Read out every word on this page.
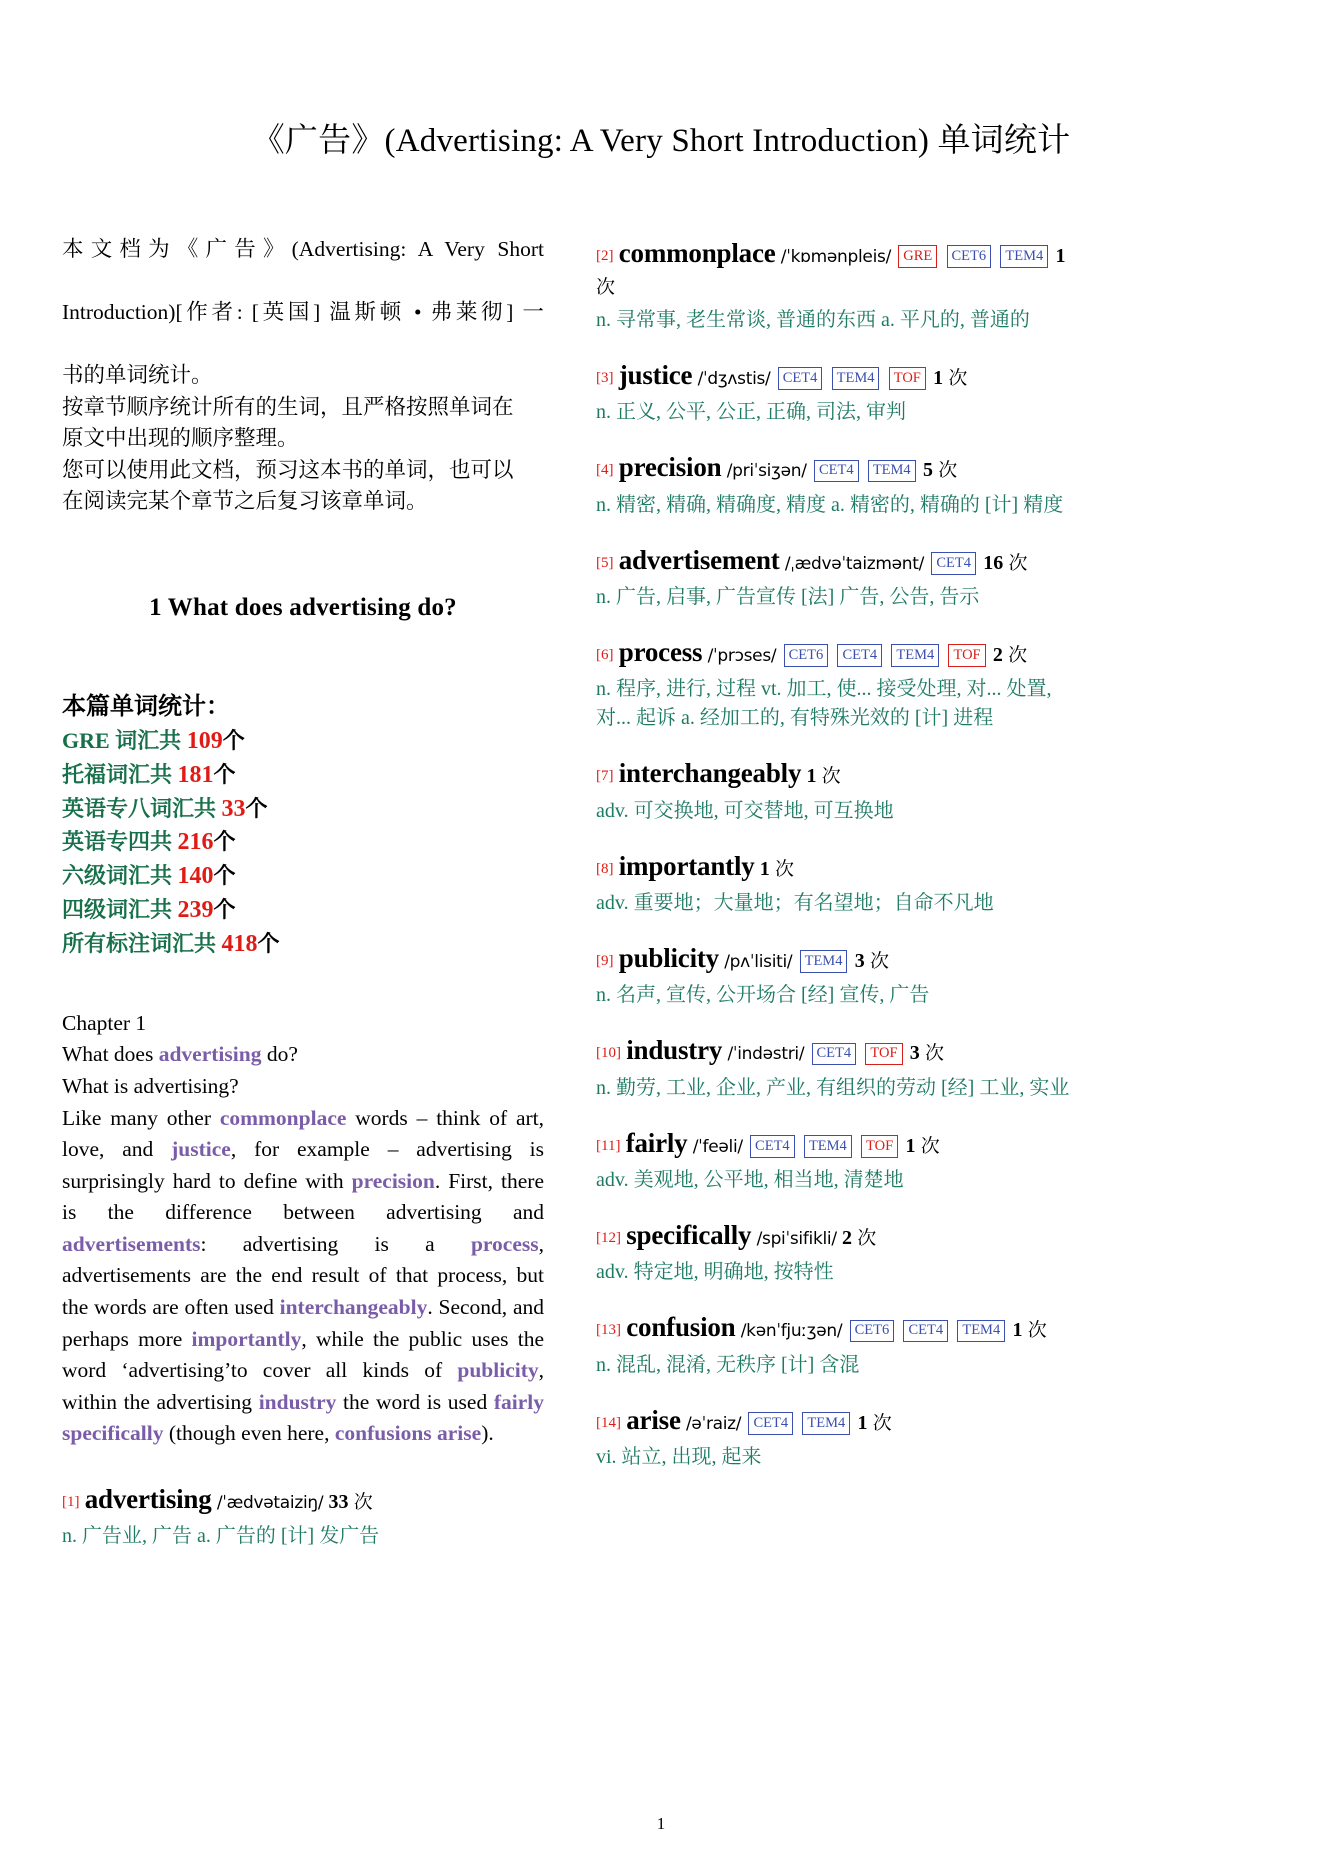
《广告》(Advertising: A Very Short Introduction) 单词统计
本文档为《广告》(Advertising: A Very Short
Introduction)[作者: [英国] 温斯顿 • 弗莱彻] 一
书的单词统计。
按章节顺序统计所有的生词，且严格按照单词在
原文中出现的顺序整理。
您可以使用此文档，预习这本书的单词，也可以
在阅读完某个章节之后复习该章单词。
1 What does advertising do?
本篇单词统计：
GRE 词汇共 109个
托福词汇共 181个
英语专八词汇共 33个
英语专四共 216个
六级词汇共 140个
四级词汇共 239个
所有标注词汇共 418个
Chapter 1
What does advertising do?
What is advertising?

Like many other commonplace words – think of art, love, and justice, for example – advertising is surprisingly hard to define with precision. First, there is the difference between advertising and advertisements: advertising is a process, advertisements are the end result of that process, but the words are often used interchangeably. Second, and perhaps more importantly, while the public uses the word ‘advertising’to cover all kinds of publicity, within the advertising industry the word is used fairly specifically (though even here, confusions arise).

[1] advertising /ˈædvətaiziŋ/ 33 次
n. 广告业, 广告 a. 广告的 [计] 发广告
[2] commonplace /ˈkɒmənpleis/ GRE CET6 TEM4 1 次
n. 寻常事, 老生常谈, 普通的东西 a. 平凡的, 普通的
[3] justice /ˈdʒʌstis/ CET4 TEM4 TOF 1 次
n. 正义, 公平, 公正, 正确, 司法, 审判
[4] precision /priˈsiʒən/ CET4 TEM4 5 次
n. 精密, 精确, 精确度, 精度 a. 精密的, 精确的 [计] 精度
[5] advertisement /ˌædvəˈtaizmənt/ CET4 16 次
n. 广告, 启事, 广告宣传 [法] 广告, 公告, 告示
[6] process /ˈprɔses/ CET6 CET4 TEM4 TOF 2 次
n. 程序, 进行, 过程 vt. 加工, 使... 接受处理, 对... 处置, 对... 起诉 a. 经加工的, 有特殊光效的 [计] 进程
[7] interchangeably 1 次
adv. 可交换地, 可交替地, 可互换地
[8] importantly 1 次
adv. 重要地；大量地；有名望地；自命不凡地
[9] publicity /pʌˈlisiti/ TEM4 3 次
n. 名声, 宣传, 公开场合 [经] 宣传, 广告
[10] industry /ˈindəstri/ CET4 TOF 3 次
n. 勤劳, 工业, 企业, 产业, 有组织的劳动 [经] 工业, 实业
[11] fairly /ˈfeəli/ CET4 TEM4 TOF 1 次
adv. 美观地, 公平地, 相当地, 清楚地
[12] specifically /spiˈsifikli/ 2 次
adv. 特定地, 明确地, 按特性
[13] confusion /kənˈfjuːʒən/ CET6 CET4 TEM4 1 次
n. 混乱, 混淆, 无秩序 [计] 含混
[14] arise /əˈraiz/ CET4 TEM4 1 次
vi. 站立, 出现, 起来
1
